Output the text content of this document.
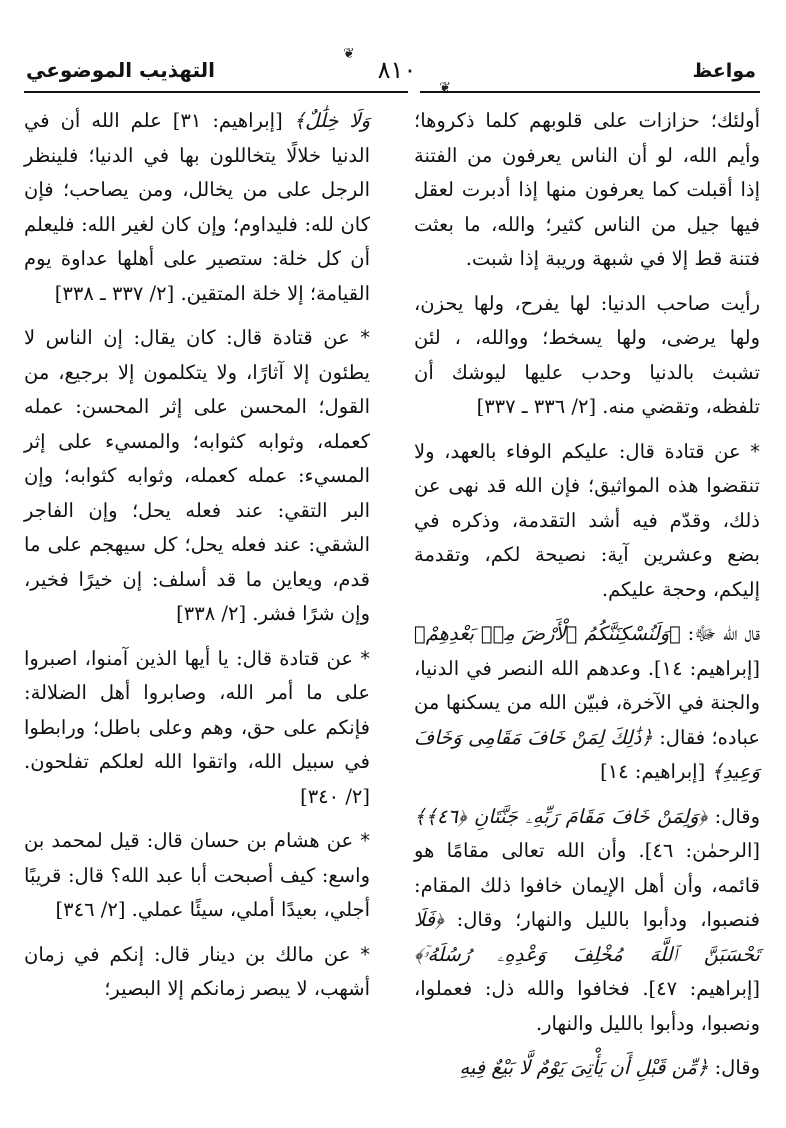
مواعظ
❦
٨١٠
❦
التهذيب الموضوعي

أولئك؛ حزازات على قلوبهم كلما ذكروها؛ وأيم الله، لو أن الناس يعرفون من الفتنة إذا أقبلت كما يعرفون منها إذا أدبرت لعقل فيها جيل من الناس كثير؛ والله، ما بعثت فتنة قط إلا في شبهة وريبة إذا شبت.

رأيت صاحب الدنيا: لها يفرح، ولها يحزن، ولها يرضى، ولها يسخط؛ ووالله، ، لئن تشبث بالدنيا وحدب عليها ليوشك أن تلفظه، وتقضي منه. [٢/ ٣٣٦ ـ ٣٣٧]

* عن قتادة قال: عليكم الوفاء بالعهد، ولا تنقضوا هذه المواثيق؛ فإن الله قد نهى عن ذلك، وقدّم فيه أشد التقدمة، وذكره في بضع وعشرين آية: نصيحة لكم، وتقدمة إليكم، وحجة عليكم.

قال الله ﷻ: ﴿وَلَنُسْكِنَنَّكُمُ ٱلْأَرْضَ مِنۢ بَعْدِهِمْ﴾ [إبراهيم: ١٤]. وعدهم الله النصر في الدنيا، والجنة في الآخرة، فبيّن الله من يسكنها من عباده؛ فقال: ﴿ذَٰلِكَ لِمَنْ خَافَ مَقَامِى وَخَافَ وَعِيدِ﴾ [إبراهيم: ١٤]

وقال: ﴿وَلِمَنْ خَافَ مَقَامَ رَبِّهِۦ جَنَّتَانِ ﴿٤٦﴾﴾ [الرحمٰن: ٤٦]. وأن الله تعالى مقامًا هو قائمه، وأن أهل الإيمان خافوا ذلك المقام: فنصبوا، ودأبوا بالليل والنهار؛ وقال: ﴿فَلَا تَحْسَبَنَّ ٱللَّهَ مُخْلِفَ وَعْدِهِۦ رُسُلَهُۥٓ﴾ [إبراهيم: ٤٧]. فخافوا والله ذل: فعملوا، ونصبوا، ودأبوا بالليل والنهار.

وقال: ﴿مِّن قَبْلِ أَن يَأْتِىَ يَوْمٌ لَّا بَيْعٌ فِيهِ

وَلَا خِلَٰلٌ﴾ [إبراهيم: ٣١] علم الله أن في الدنيا خلالًا يتخاللون بها في الدنيا؛ فلينظر الرجل على من يخالل، ومن يصاحب؛ فإن كان لله: فليداوم؛ وإن كان لغير الله: فليعلم أن كل خلة: ستصير على أهلها عداوة يوم القيامة؛ إلا خلة المتقين. [٢/ ٣٣٧ ـ ٣٣٨]

* عن قتادة قال: كان يقال: إن الناس لا يطئون إلا آثارًا، ولا يتكلمون إلا برجيع، من القول؛ المحسن على إثر المحسن: عمله كعمله، وثوابه كثوابه؛ والمسيء على إثر المسيء: عمله كعمله، وثوابه كثوابه؛ وإن البر التقي: عند فعله يحل؛ وإن الفاجر الشقي: عند فعله يحل؛ كل سيهجم على ما قدم، ويعاين ما قد أسلف: إن خيرًا فخير، وإن شرًا فشر. [٢/ ٣٣٨]

* عن قتادة قال: يا أيها الذين آمنوا، اصبروا على ما أمر الله، وصابروا أهل الضلالة: فإنكم على حق، وهم وعلى باطل؛ ورابطوا في سبيل الله، واتقوا الله لعلكم تفلحون. [٢/ ٣٤٠]

* عن هشام بن حسان قال: قيل لمحمد بن واسع: كيف أصبحت أبا عبد الله؟ قال: قريبًا أجلي، بعيدًا أملي، سيئًا عملي. [٢/ ٣٤٦]

* عن مالك بن دينار قال: إنكم في زمان أشهب، لا يبصر زمانكم إلا البصير؛
